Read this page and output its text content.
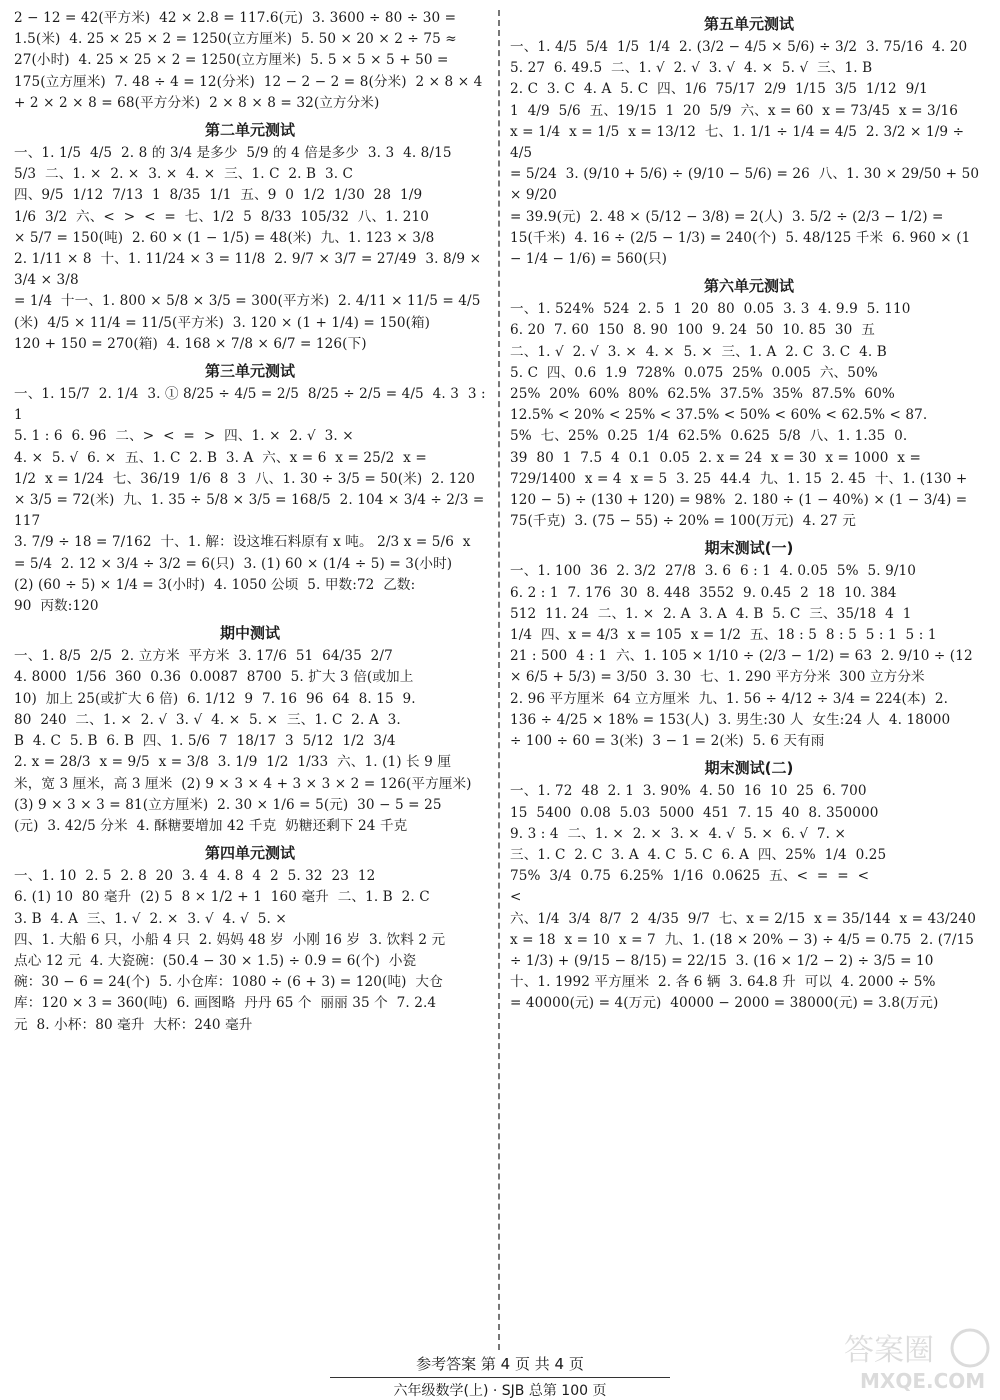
2 − 12 = 42(平方米)  42 × 2.8 = 117.6(元)  3. 3600 ÷ 80 ÷ 30 = 1.5(米)  4. 25 × 25 × 2 = 1250(立方厘米)  5. 50 × 20 × 2 ÷ 75 ≈ 27(小时)  4. 25 × 25 × 2 = 1250(立方厘米)  5. 5 × 5 × 5 + 50 = 175(立方厘米)  7. 48 ÷ 4 = 12(分米)  12 − 2 − 2 = 8(分米)  2 × 8 × 4 + 2 × 2 × 8 = 68(平方分米)  2 × 8 × 8 = 32(立方分米)

第二单元测试

一、1. 1/5  4/5  2. 8 的 3/4 是多少  5/9 的 4 倍是多少  3. 3  4. 8/15

5/3  二、1. ×  2. ×  3. ×  4. ×  三、1. C  2. B  3. C

四、9/5  1/12  7/13  1  8/35  1/1  五、9  0  1/2  1/30  28  1/9

1/6  3/2  六、<  >  <  =  七、1/2  5  8/33  105/32  八、1. 210

× 5/7 = 150(吨)  2. 60 × (1 − 1/5) = 48(米)  九、1. 123 × 3/8

2. 1/11 × 8  十、1. 11/24 × 3 = 11/8  2. 9/7 × 3/7 = 27/49  3. 8/9 × 3/4 × 3/8

= 1/4  十一、1. 800 × 5/8 × 3/5 = 300(平方米)  2. 4/11 × 11/5 = 4/5

(米)  4/5 × 11/4 = 11/5(平方米)  3. 120 × (1 + 1/4) = 150(箱)

120 + 150 = 270(箱)  4. 168 × 7/8 × 6/7 = 126(下)

第三单元测试

一、1. 15/7  2. 1/4  3. ① 8/25 ÷ 4/5 = 2/5  8/25 ÷ 2/5 = 4/5  4. 3  3 : 1

5. 1 : 6  6. 96  二、>  <  =  >  四、1. ×  2. √  3. ×

4. ×  5. √  6. ×  五、1. C  2. B  3. A  六、x = 6  x = 25/2  x =

1/2  x = 1/24  七、36/19  1/6  8  3  八、1. 30 ÷ 3/5 = 50(米)  2. 120

× 3/5 = 72(米)  九、1. 35 ÷ 5/8 × 3/5 = 168/5  2. 104 × 3/4 ÷ 2/3 = 117

3. 7/9 ÷ 18 = 7/162  十、1. 解：设这堆石料原有 x 吨。 2/3 x = 5/6  x

= 5/4  2. 12 × 3/4 ÷ 3/2 = 6(只)  3. (1) 60 × (1/4 ÷ 5) = 3(小时)

(2) (60 ÷ 5) × 1/4 = 3(小时)  4. 1050 公顷  5. 甲数:72  乙数:

90  丙数:120

期中测试

一、1. 8/5  2/5  2. 立方米  平方米  3. 17/6  51  64/35  2/7

4. 8000  1/56  360  0.36  0.0087  8700  5. 扩大 3 倍(或加上

10)  加上 25(或扩大 6 倍)  6. 1/12  9  7. 16  96  64  8. 15  9.

80  240  二、1. ×  2. √  3. √  4. ×  5. ×  三、1. C  2. A  3.

B  4. C  5. B  6. B  四、1. 5/6  7  18/17  3  5/12  1/2  3/4

2. x = 28/3  x = 9/5  x = 3/8  3. 1/9  1/2  1/33  六、1. (1) 长 9 厘

米，宽 3 厘米，高 3 厘米  (2) 9 × 3 × 4 + 3 × 3 × 2 = 126(平方厘米)

(3) 9 × 3 × 3 = 81(立方厘米)  2. 30 × 1/6 = 5(元)  30 − 5 = 25

(元)  3. 42/5 分米  4. 酥糖要增加 42 千克  奶糖还剩下 24 千克

第四单元测试

一、1. 10  2. 5  2. 8  20  3. 4  4. 8  4  2  5. 32  23  12

6. (1) 10  80 毫升  (2) 5  8 × 1/2 + 1  160 毫升  二、1. B  2. C

3. B  4. A  三、1. √  2. ×  3. √  4. √  5. ×

四、1. 大船 6 只，小船 4 只  2. 妈妈 48 岁  小刚 16 岁  3. 饮料 2 元

点心 12 元  4. 大瓷碗：(50.4 − 30 × 1.5) ÷ 0.9 = 6(个)  小瓷

碗：30 − 6 = 24(个)  5. 小仓库：1080 ÷ (6 + 3) = 120(吨)  大仓

库：120 × 3 = 360(吨)  6. 画图略  丹丹 65 个  丽丽 35 个  7. 2.4

元  8. 小杯：80 毫升  大杯：240 毫升

第五单元测试

一、1. 4/5  5/4  1/5  1/4  2. (3/2 − 4/5 × 5/6) ÷ 3/2  3. 75/16  4. 20

5. 27  6. 49.5  二、1. √  2. √  3. √  4. ×  5. √  三、1. B

2. C  3. C  4. A  5. C  四、1/6  75/17  2/9  1/15  3/5  1/12  9/1

1  4/9  5/6  五、19/15  1  20  5/9  六、x = 60  x = 73/45  x = 3/16

x = 1/4  x = 1/5  x = 13/12  七、1. 1/1 ÷ 1/4 = 4/5  2. 3/2 × 1/9 ÷ 4/5

= 5/24  3. (9/10 + 5/6) ÷ (9/10 − 5/6) = 26  八、1. 30 × 29/50 + 50 × 9/20

= 39.9(元)  2. 48 × (5/12 − 3/8) = 2(人)  3. 5/2 ÷ (2/3 − 1/2) =

15(千米)  4. 16 ÷ (2/5 − 1/3) = 240(个)  5. 48/125 千米  6. 960 × (1

− 1/4 − 1/6) = 560(只)

第六单元测试

一、1. 524%  524  2. 5  1  20  80  0.05  3. 3  4. 9.9  5. 110

6. 20  7. 60  150  8. 90  100  9. 24  50  10. 85  30  五

二、1. √  2. √  3. ×  4. ×  5. ×  三、1. A  2. C  3. C  4. B

5. C  四、0.6  1.9  728%  0.075  25%  0.005  六、50%

25%  20%  60%  80%  62.5%  37.5%  35%  87.5%  60%

12.5% < 20% < 25% < 37.5% < 50% < 60% < 62.5% < 87.

5%  七、25%  0.25  1/4  62.5%  0.625  5/8  八、1. 1.35  0.

39  80  1  7.5  4  0.1  0.05  2. x = 24  x = 30  x = 1000  x =

729/1400  x = 4  x = 5  3. 25  44.4  九、1. 15  2. 45  十、1. (130 +

120 − 5) ÷ (130 + 120) = 98%  2. 180 ÷ (1 − 40%) × (1 − 3/4) =

75(千克)  3. (75 − 55) ÷ 20% = 100(万元)  4. 27 元

期末测试(一)

一、1. 100  36  2. 3/2  27/8  3. 6  6 : 1  4. 0.05  5%  5. 9/10

6. 2 : 1  7. 176  30  8. 448  3552  9. 0.45  2  18  10. 384

512  11. 24  二、1. ×  2. A  3. A  4. B  5. C  三、35/18  4  1

1/4  四、x = 4/3  x = 105  x = 1/2  五、18 : 5  8 : 5  5 : 1  5 : 1

21 : 500  4 : 1  六、1. 105 × 1/10 ÷ (2/3 − 1/2) = 63  2. 9/10 ÷ (12

× 6/5 + 5/3) = 3/50  3. 30  七、1. 290 平方分米  300 立方分米

2. 96 平方厘米  64 立方厘米  九、1. 56 ÷ 4/12 ÷ 3/4 = 224(本)  2.

136 ÷ 4/25 × 18% = 153(人)  3. 男生:30 人  女生:24 人  4. 18000

÷ 100 ÷ 60 = 3(米)  3 − 1 = 2(米)  5. 6 天有雨

期末测试(二)

一、1. 72  48  2. 1  3. 90%  4. 50  16  10  25  6. 700

15  5400  0.08  5.03  5000  451  7. 15  40  8. 350000

9. 3 : 4  二、1. ×  2. ×  3. ×  4. √  5. ×  6. √  7. ×

三、1. C  2. C  3. A  4. C  5. C  6. A  四、25%  1/4  0.25

75%  3/4  0.75  6.25%  1/16  0.0625  五、<  =  =  <

<

六、1/4  3/4  8/7  2  4/35  9/7  七、x = 2/15  x = 35/144  x = 43/240

x = 18  x = 10  x = 7  九、1. (18 × 20% − 3) ÷ 4/5 = 0.75  2. (7/15

÷ 1/3) + (9/15 − 8/15) = 22/15  3. (16 × 1/2 − 2) ÷ 3/5 = 10

十、1. 1992 平方厘米  2. 各 6 辆  3. 64.8 升  可以  4. 2000 ÷ 5%

= 40000(元) = 4(万元)  40000 − 2000 = 38000(元) = 3.8(万元)

参考答案 第 4 页 共 4 页
六年级数学(上) · SJB 总第 100 页
答案圈
MXQE.COM
